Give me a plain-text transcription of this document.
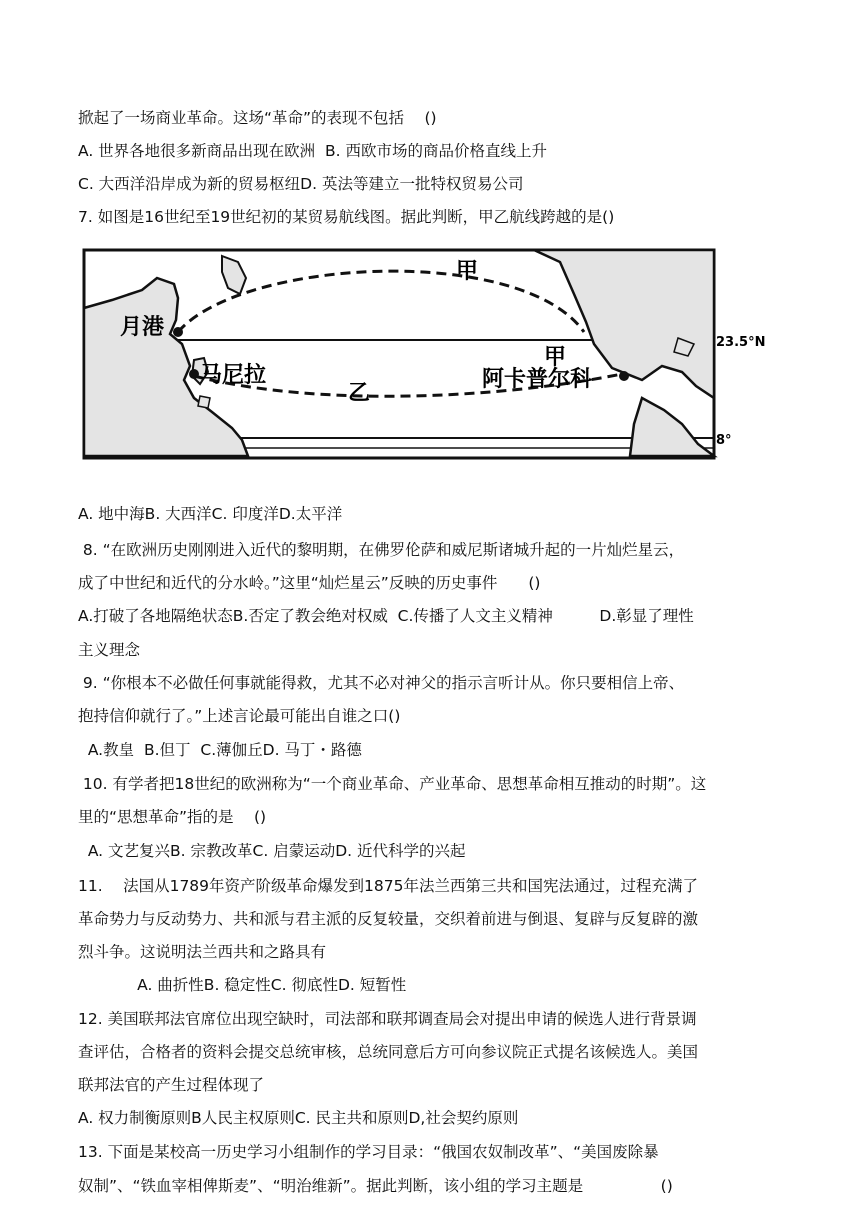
掀起了一场商业革命。这场“革命”的表现不包括　 ()
A. 世界各地很多新商品出现在欧洲  B. 西欧市场的商品价格直线上升
C. 大西洋沿岸成为新的贸易枢纽D. 英法等建立一批特权贸易公司
7. 如图是16世纪至19世纪初的某贸易航线图。据此判断，甲乙航线跨越的是()
甲
甲
乙
月港
马尼拉	阿卡普尔科
23.5°N
8°
A. 地中海B. 大西洋C. 印度洋D.太平洋
8. “在欧洲历史刚刚进入近代的黎明期，在佛罗伦萨和威尼斯诸城升起的一片灿烂星云，
成了中世纪和近代的分水岭。”这里“灿烂星云”反映的历史事件　　()
A.打破了各地隔绝状态B.否定了教会绝对权威  C.传播了人文主义精神　　　D.彰显了理性
主义理念
9. “你根本不必做任何事就能得救，尤其不必对神父的指示言听计从。你只要相信上帝、
抱持信仰就行了。”上述言论最可能出自谁之口()
A.教皇  B.但丁  C.薄伽丘D. 马丁・路德
10. 有学者把18世纪的欧洲称为“一个商业革命、产业革命、思想革命相互推动的时期”。这
里的“思想革命”指的是　 ()
A. 文艺复兴B. 宗教改革C. 启蒙运动D. 近代科学的兴起
11.　 法国从1789年资产阶级革命爆发到1875年法兰西第三共和国宪法通过，过程充满了
革命势力与反动势力、共和派与君主派的反复较量，交织着前进与倒退、复辟与反复辟的激
烈斗争。这说明法兰西共和之路具有
A. 曲折性B. 稳定性C. 彻底性D. 短暂性
12. 美国联邦法官席位出现空缺时，司法部和联邦调查局会对提出申请的候选人进行背景调
查评估，合格者的资料会提交总统审核，总统同意后方可向参议院正式提名该候选人。美国
联邦法官的产生过程体现了
A. 权力制衡原则B人民主权原则C. 民主共和原则D,社会契约原则
13. 下面是某校高一历史学习小组制作的学习目录：“俄国农奴制改革”、“美国废除暴
奴制”、“铁血宰相俾斯麦”、“明治维新”。据此判断，该小组的学习主题是　　　　　()
